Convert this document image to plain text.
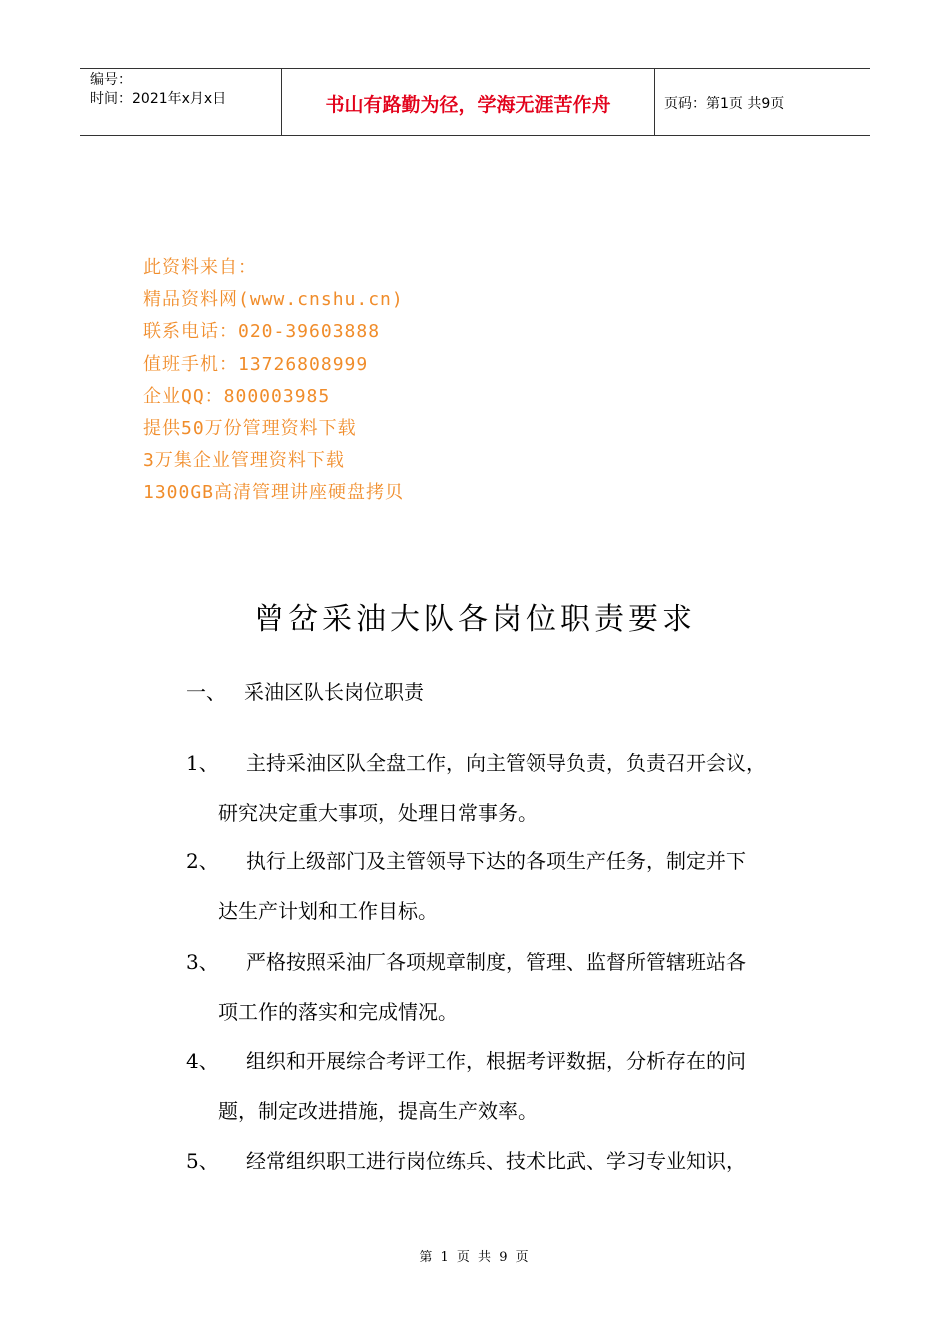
编号：
时间：2021年x月x日	书山有路勤为径，学海无涯苦作舟	页码：第1页 共9页
此资料来自：
精品资料网(www.cnshu.cn)
联系电话：020-39603888
值班手机：13726808999
企业QQ：800003985
提供50万份管理资料下载
3万集企业管理资料下载
1300GB高清管理讲座硬盘拷贝
曾岔采油大队各岗位职责要求
一、 采油区队长岗位职责
1、 主持采油区队全盘工作，向主管领导负责，负责召开会议，
研究决定重大事项，处理日常事务。
2、 执行上级部门及主管领导下达的各项生产任务，制定并下
达生产计划和工作目标。
3、 严格按照采油厂各项规章制度，管理、监督所管辖班站各
项工作的落实和完成情况。
4、 组织和开展综合考评工作，根据考评数据，分析存在的问
题，制定改进措施，提高生产效率。
5、 经常组织职工进行岗位练兵、技术比武、学习专业知识，
第 1 页 共 9 页
